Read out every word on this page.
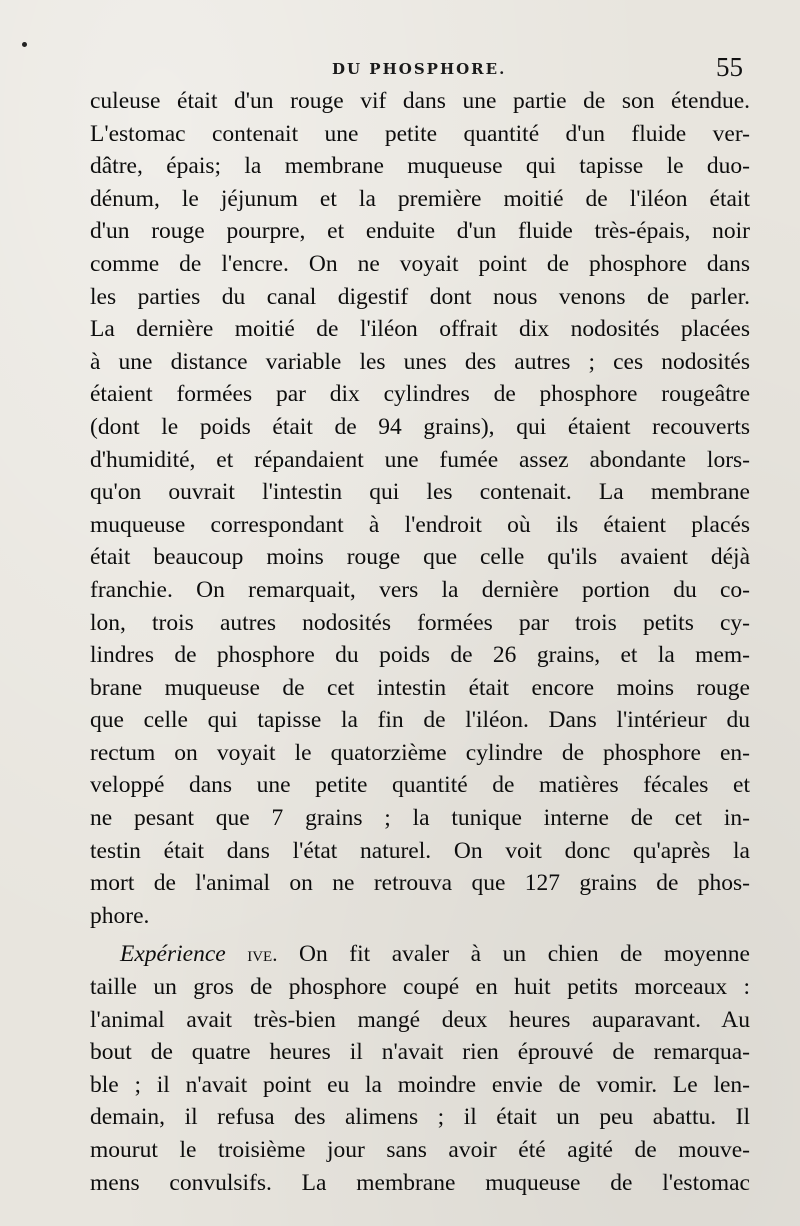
DU PHOSPHORE.	55
culeuse était d'un rouge vif dans une partie de son étendue.
L'estomac contenait une petite quantité d'un fluide ver-
dâtre, épais; la membrane muqueuse qui tapisse le duo-
dénum, le jéjunum et la première moitié de l'iléon était
d'un rouge pourpre, et enduite d'un fluide très-épais, noir
comme de l'encre. On ne voyait point de phosphore dans
les parties du canal digestif dont nous venons de parler.
La dernière moitié de l'iléon offrait dix nodosités placées
à une distance variable les unes des autres ; ces nodosités
étaient formées par dix cylindres de phosphore rougeâtre
(dont le poids était de 94 grains), qui étaient recouverts
d'humidité, et répandaient une fumée assez abondante lors-
qu'on ouvrait l'intestin qui les contenait. La membrane
muqueuse correspondant à l'endroit où ils étaient placés
était beaucoup moins rouge que celle qu'ils avaient déjà
franchie. On remarquait, vers la dernière portion du co-
lon, trois autres nodosités formées par trois petits cy-
lindres de phosphore du poids de 26 grains, et la mem-
brane muqueuse de cet intestin était encore moins rouge
que celle qui tapisse la fin de l'iléon. Dans l'intérieur du
rectum on voyait le quatorzième cylindre de phosphore en-
veloppé dans une petite quantité de matières fécales et
ne pesant que 7 grains ; la tunique interne de cet in-
testin était dans l'état naturel. On voit donc qu'après la
mort de l'animal on ne retrouva que 127 grains de phos-
phore.
Expérience ive. On fit avaler à un chien de moyenne
taille un gros de phosphore coupé en huit petits morceaux :
l'animal avait très-bien mangé deux heures auparavant. Au
bout de quatre heures il n'avait rien éprouvé de remarqua-
ble ; il n'avait point eu la moindre envie de vomir. Le len-
demain, il refusa des alimens ; il était un peu abattu. Il
mourut le troisième jour sans avoir été agité de mouve-
mens convulsifs. La membrane muqueuse de l'estomac
